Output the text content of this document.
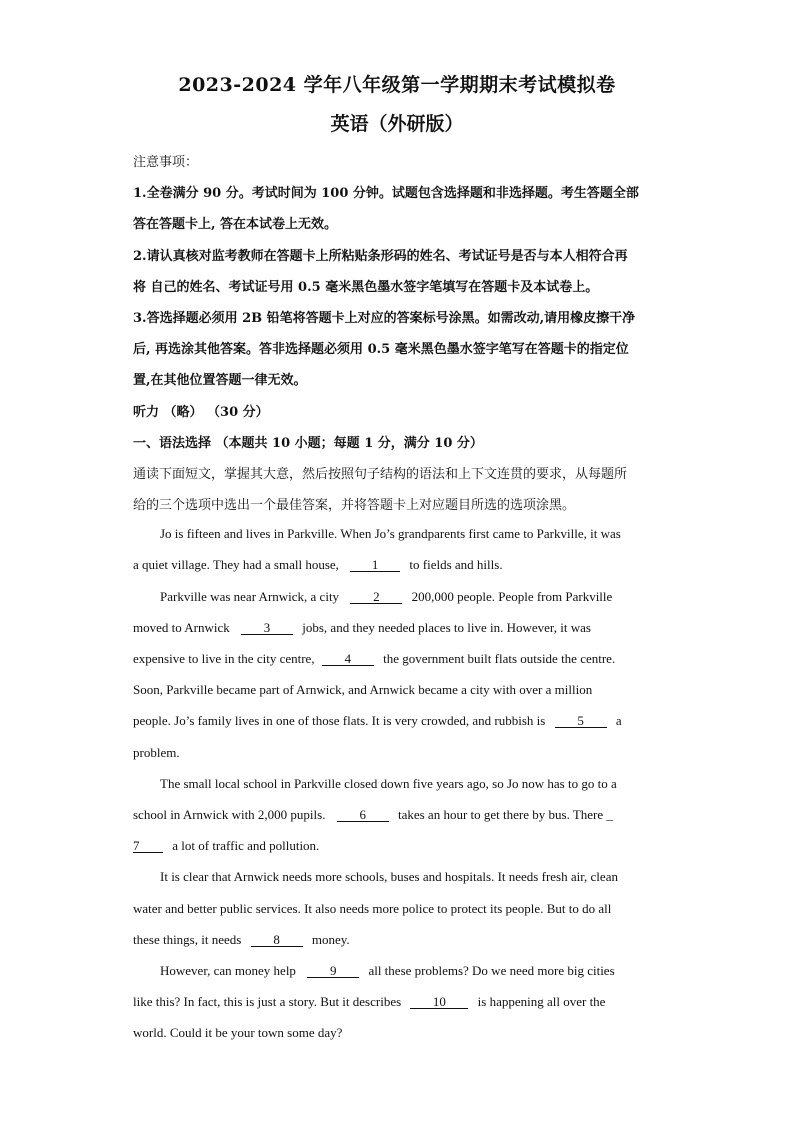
2023-2024 学年八年级第一学期期末考试模拟卷
英语（外研版）
注意事项：
1.全卷满分 90 分。考试时间为 100 分钟。试题包含选择题和非选择题。考生答题全部
答在答题卡上, 答在本试卷上无效。
2.请认真核对监考教师在答题卡上所粘贴条形码的姓名、考试证号是否与本人相符合再
将 自己的姓名、考试证号用 0.5 毫米黑色墨水签字笔填写在答题卡及本试卷上。
3.答选择题必须用 2B 铅笔将答题卡上对应的答案标号涂黑。如需改动,请用橡皮擦干净
后, 再选涂其他答案。答非选择题必须用 0.5 毫米黑色墨水签字笔写在答题卡的指定位
置,在其他位置答题一律无效。
听力 （略） （30 分）
一、语法选择 （本题共 10 小题；每题 1 分，满分 10 分）
通读下面短文，掌握其大意，然后按照句子结构的语法和上下文连贯的要求，从每题所
给的三个选项中选出一个最佳答案，并将答题卡上对应题目所选的选项涂黑。
Jo is fifteen and lives in Parkville. When Jo’s grandparents first came to Parkville, it was
a quiet village. They had a small house,	1 to fields and hills.
Parkville was near Arnwick, a city	2 200,000 people. People from Parkville
moved to Arnwick	3 jobs, and they needed places to live in. However, it was
expensive to live in the city centre, 4 the government built flats outside the centre.
Soon, Parkville became part of Arnwick, and Arnwick became a city with over a million
people. Jo’s family lives in one of those flats. It is very crowded, and rubbish is 5 a
problem.
The small local school in Parkville closed down five years ago, so Jo now has to go to a
school in Arnwick with 2,000 pupils.	6 takes an hour to get there by bus. There _
7	a lot of traffic and pollution.
It is clear that Arnwick needs more schools, buses and hospitals. It needs fresh air, clean
water and better public services. It also needs more police to protect its people. But to do all
these things, it needs 8 money.
However, can money help	9 all these problems? Do we need more big cities
like this? In fact, this is just a story. But it describes 10 is happening all over the
world. Could it be your town some day?
